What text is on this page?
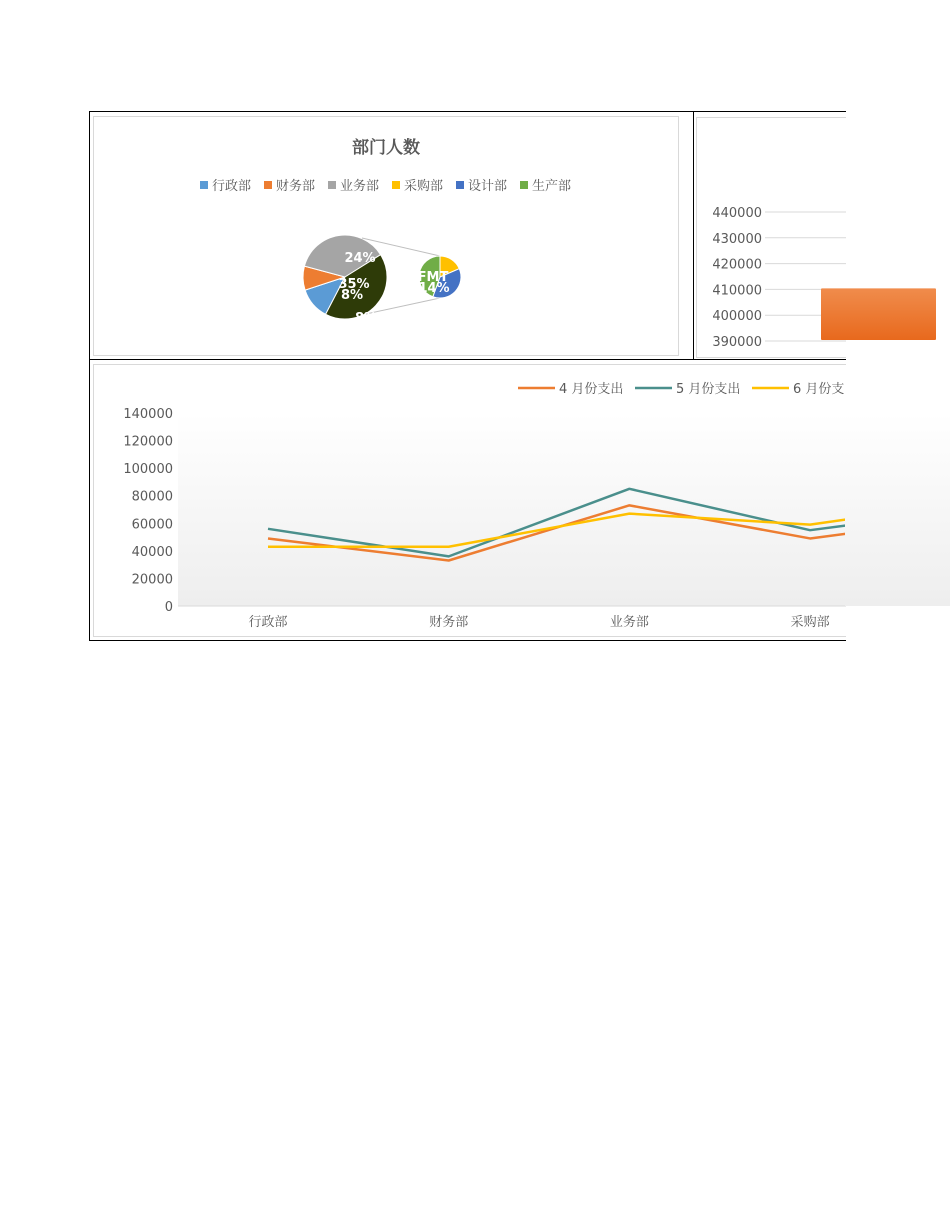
部门人数
行政部 财务部 业务部 采购部 设计部 生产部
24%
35%
8%
8%
FMT
14%
440000
430000
420000
410000
400000
390000
140000
120000
100000
80000
60000
40000
20000
0
行政部	财务部	业务部	采购部
4 月份支出	5 月份支出	6 月份支
